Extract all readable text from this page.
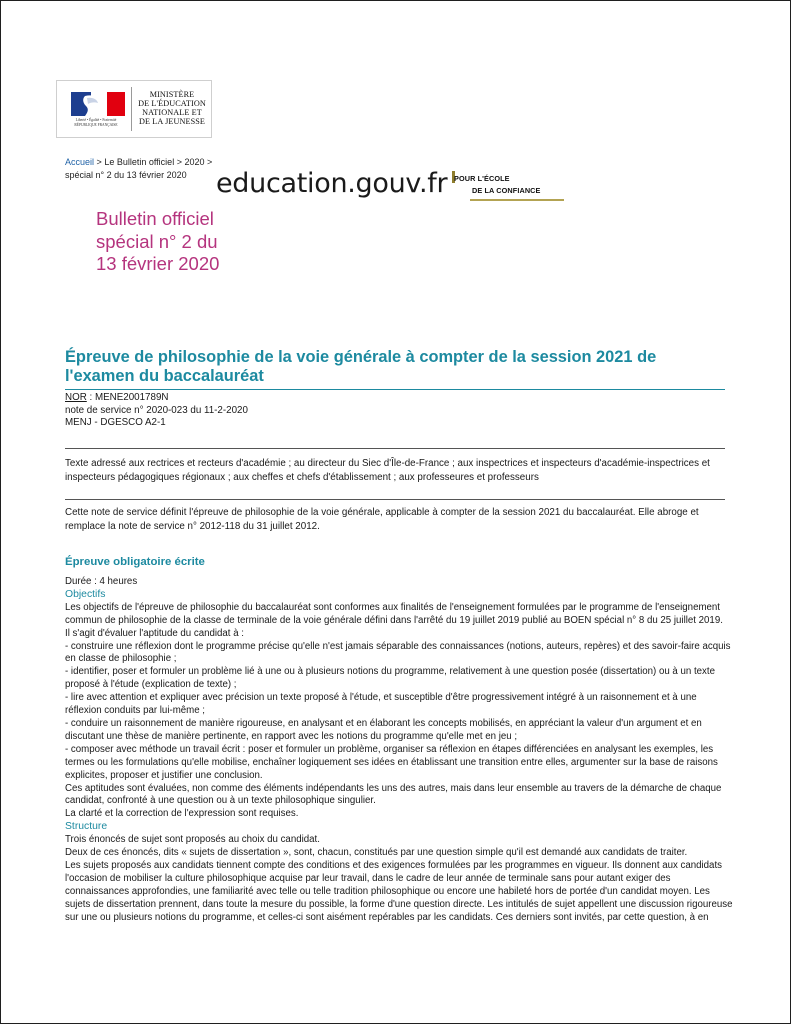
Liberté • Égalité • Fraternité
RÉPUBLIQUE FRANÇAISE
MINISTÈRE
DE L'ÉDUCATION
NATIONALE ET
DE LA JEUNESSE
Accueil > Le Bulletin officiel > 2020 > spécial n° 2 du 13 février 2020	education.gouv.fr POUR L'ÉCOLE
DE LA CONFIANCE
Bulletin officiel spécial n° 2 du 13 février 2020
Épreuve de philosophie de la voie générale à compter de la session 2021 de l'examen du baccalauréat
NOR : MENE2001789N
note de service n° 2020-023 du 11-2-2020
MENJ - DGESCO A2-1
Texte adressé aux rectrices et recteurs d'académie ; au directeur du Siec d'Île-de-France ; aux inspectrices et inspecteurs d'académie-inspectrices et inspecteurs pédagogiques régionaux ; aux cheffes et chefs d'établissement ; aux professeures et professeurs
Cette note de service définit l'épreuve de philosophie de la voie générale, applicable à compter de la session 2021 du baccalauréat. Elle abroge et remplace la note de service n° 2012-118 du 31 juillet 2012.
Épreuve obligatoire écrite

Durée : 4 heures

Objectifs

Les objectifs de l'épreuve de philosophie du baccalauréat sont conformes aux finalités de l'enseignement formulées par le programme de l'enseignement commun de philosophie de la classe de terminale de la voie générale défini dans l'arrêté du 19 juillet 2019 publié au BOEN spécial n° 8 du 25 juillet 2019.

Il s'agit d'évaluer l'aptitude du candidat à :

- construire une réflexion dont le programme précise qu'elle n'est jamais séparable des connaissances (notions, auteurs, repères) et des savoir-faire acquis en classe de philosophie ;

- identifier, poser et formuler un problème lié à une ou à plusieurs notions du programme, relativement à une question posée (dissertation) ou à un texte proposé à l'étude (explication de texte) ;

- lire avec attention et expliquer avec précision un texte proposé à l'étude, et susceptible d'être progressivement intégré à un raisonnement et à une réflexion conduits par lui-même ;

- conduire un raisonnement de manière rigoureuse, en analysant et en élaborant les concepts mobilisés, en appréciant la valeur d'un argument et en discutant une thèse de manière pertinente, en rapport avec les notions du programme qu'elle met en jeu ;

- composer avec méthode un travail écrit : poser et formuler un problème, organiser sa réflexion en étapes différenciées en analysant les exemples, les termes ou les formulations qu'elle mobilise, enchaîner logiquement ses idées en établissant une transition entre elles, argumenter sur la base de raisons explicites, proposer et justifier une conclusion.

Ces aptitudes sont évaluées, non comme des éléments indépendants les uns des autres, mais dans leur ensemble au travers de la démarche de chaque candidat, confronté à une question ou à un texte philosophique singulier.

La clarté et la correction de l'expression sont requises.

Structure

Trois énoncés de sujet sont proposés au choix du candidat.

Deux de ces énoncés, dits « sujets de dissertation », sont, chacun, constitués par une question simple qu'il est demandé aux candidats de traiter.

Les sujets proposés aux candidats tiennent compte des conditions et des exigences formulées par les programmes en vigueur. Ils donnent aux candidats l'occasion de mobiliser la culture philosophique acquise par leur travail, dans le cadre de leur année de terminale sans pour autant exiger des connaissances approfondies, une familiarité avec telle ou telle tradition philosophique ou encore une habileté hors de portée d'un candidat moyen. Les sujets de dissertation prennent, dans toute la mesure du possible, la forme d'une question directe. Les intitulés de sujet appellent une discussion rigoureuse sur une ou plusieurs notions du programme, et celles-ci sont aisément repérables par les candidats. Ces derniers sont invités, par cette question, à en
